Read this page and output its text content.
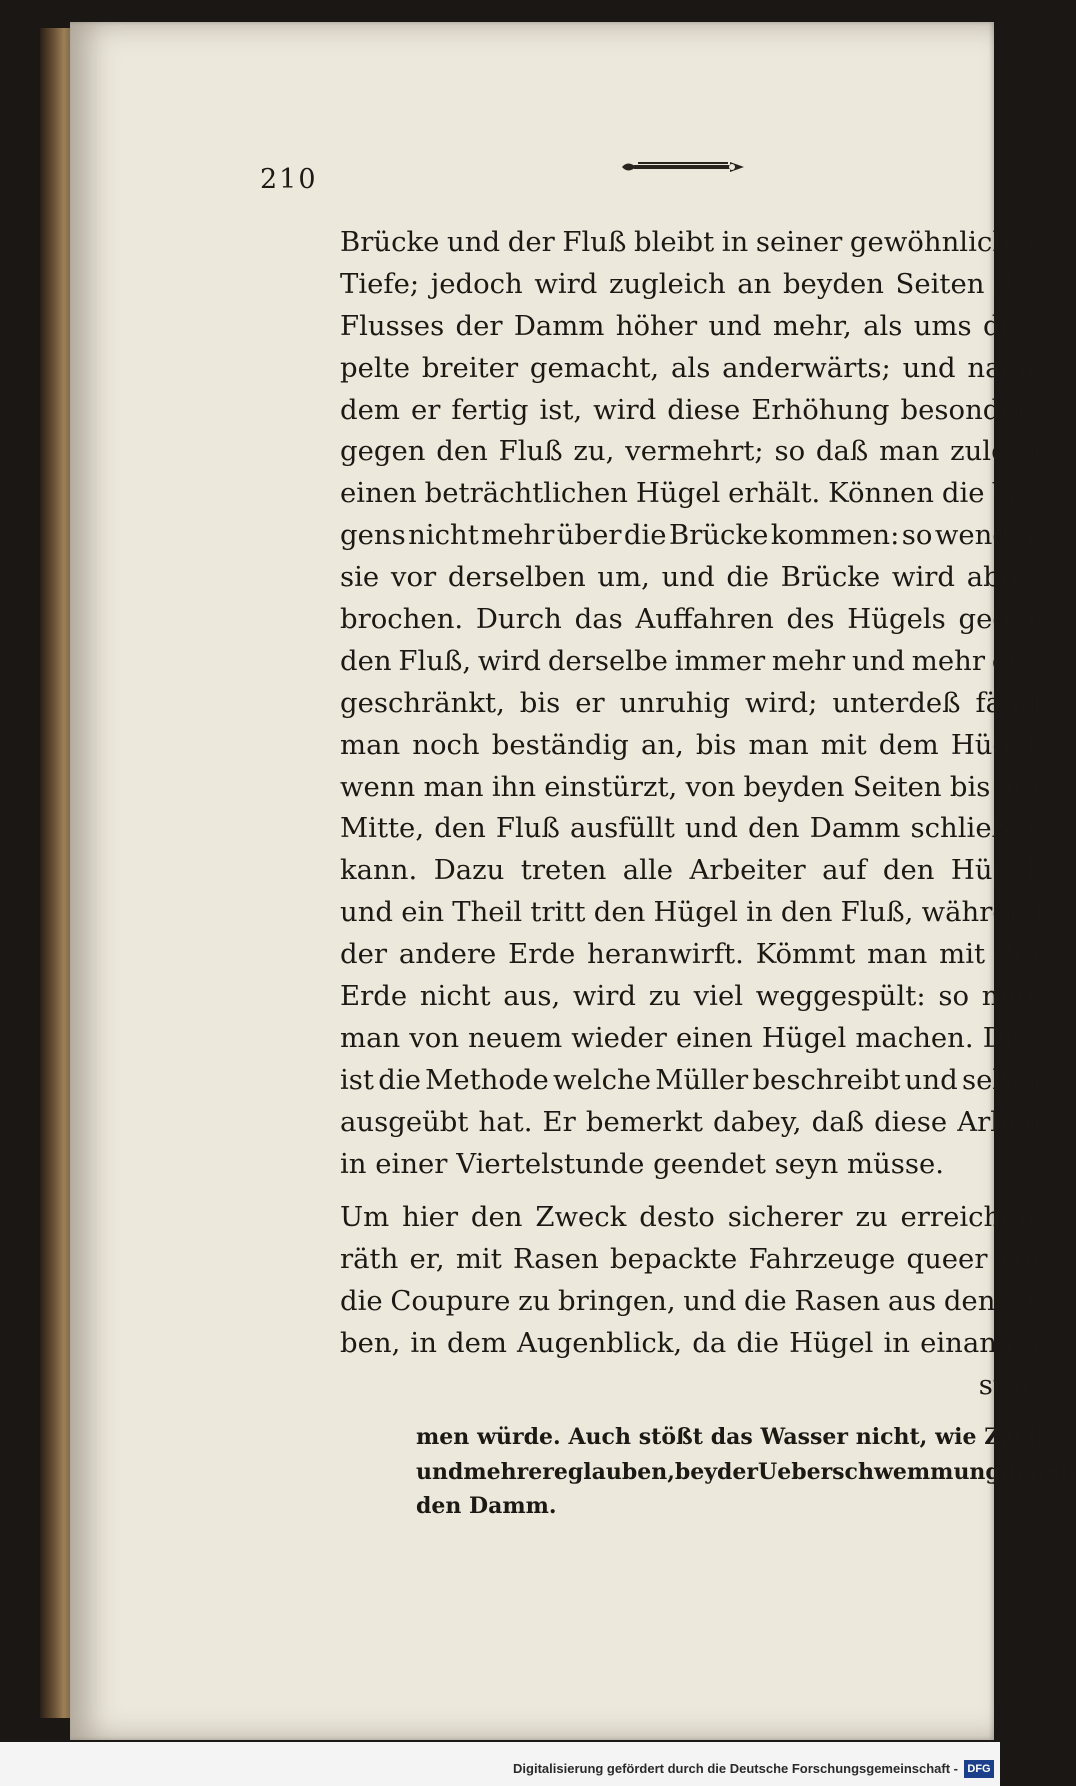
210
Brücke und der Fluß bleibt in seiner gewöhnlichen
Tiefe; jedoch wird zugleich an beyden Seiten des
Flusses der Damm höher und mehr, als ums dop-
pelte breiter gemacht, als anderwärts; und nach-
dem er fertig ist, wird diese Erhöhung besonders
gegen den Fluß zu, vermehrt; so daß man zuletzt
einen beträchtlichen Hügel erhält. Können die Wa-
gens nicht mehr über die Brücke kommen: so wenden
sie vor derselben um, und die Brücke wird abge-
brochen. Durch das Auffahren des Hügels gegen
den Fluß, wird derselbe immer mehr und mehr ein-
geschränkt, bis er unruhig wird; unterdeß fährt
man noch beständig an, bis man mit dem Hügel,
wenn man ihn einstürzt, von beyden Seiten bis zur
Mitte, den Fluß ausfüllt und den Damm schließen
kann. Dazu treten alle Arbeiter auf den Hügel,
und ein Theil tritt den Hügel in den Fluß, während
der andere Erde heranwirft. Kömmt man mit der
Erde nicht aus, wird zu viel weggespült: so muß
man von neuem wieder einen Hügel machen. Dies
ist die Methode welche Müller beschreibt und selbst
ausgeübt hat. Er bemerkt dabey, daß diese Arbeit
in einer Viertelstunde geendet seyn müsse.
Um hier den Zweck desto sicherer zu erreichen,
räth er, mit Rasen bepackte Fahrzeuge queer vor
die Coupure zu bringen, und die Rasen aus densel-
ben, in dem Augenblick, da die Hügel in einander
stür-
men würde. Auch stößt das Wasser nicht, wie Zach
und mehrere glauben, bey der Ueberschwemmung gegen
den Damm.
Digitalisierung gefördert durch die Deutsche Forschungsgemeinschaft - DFG
